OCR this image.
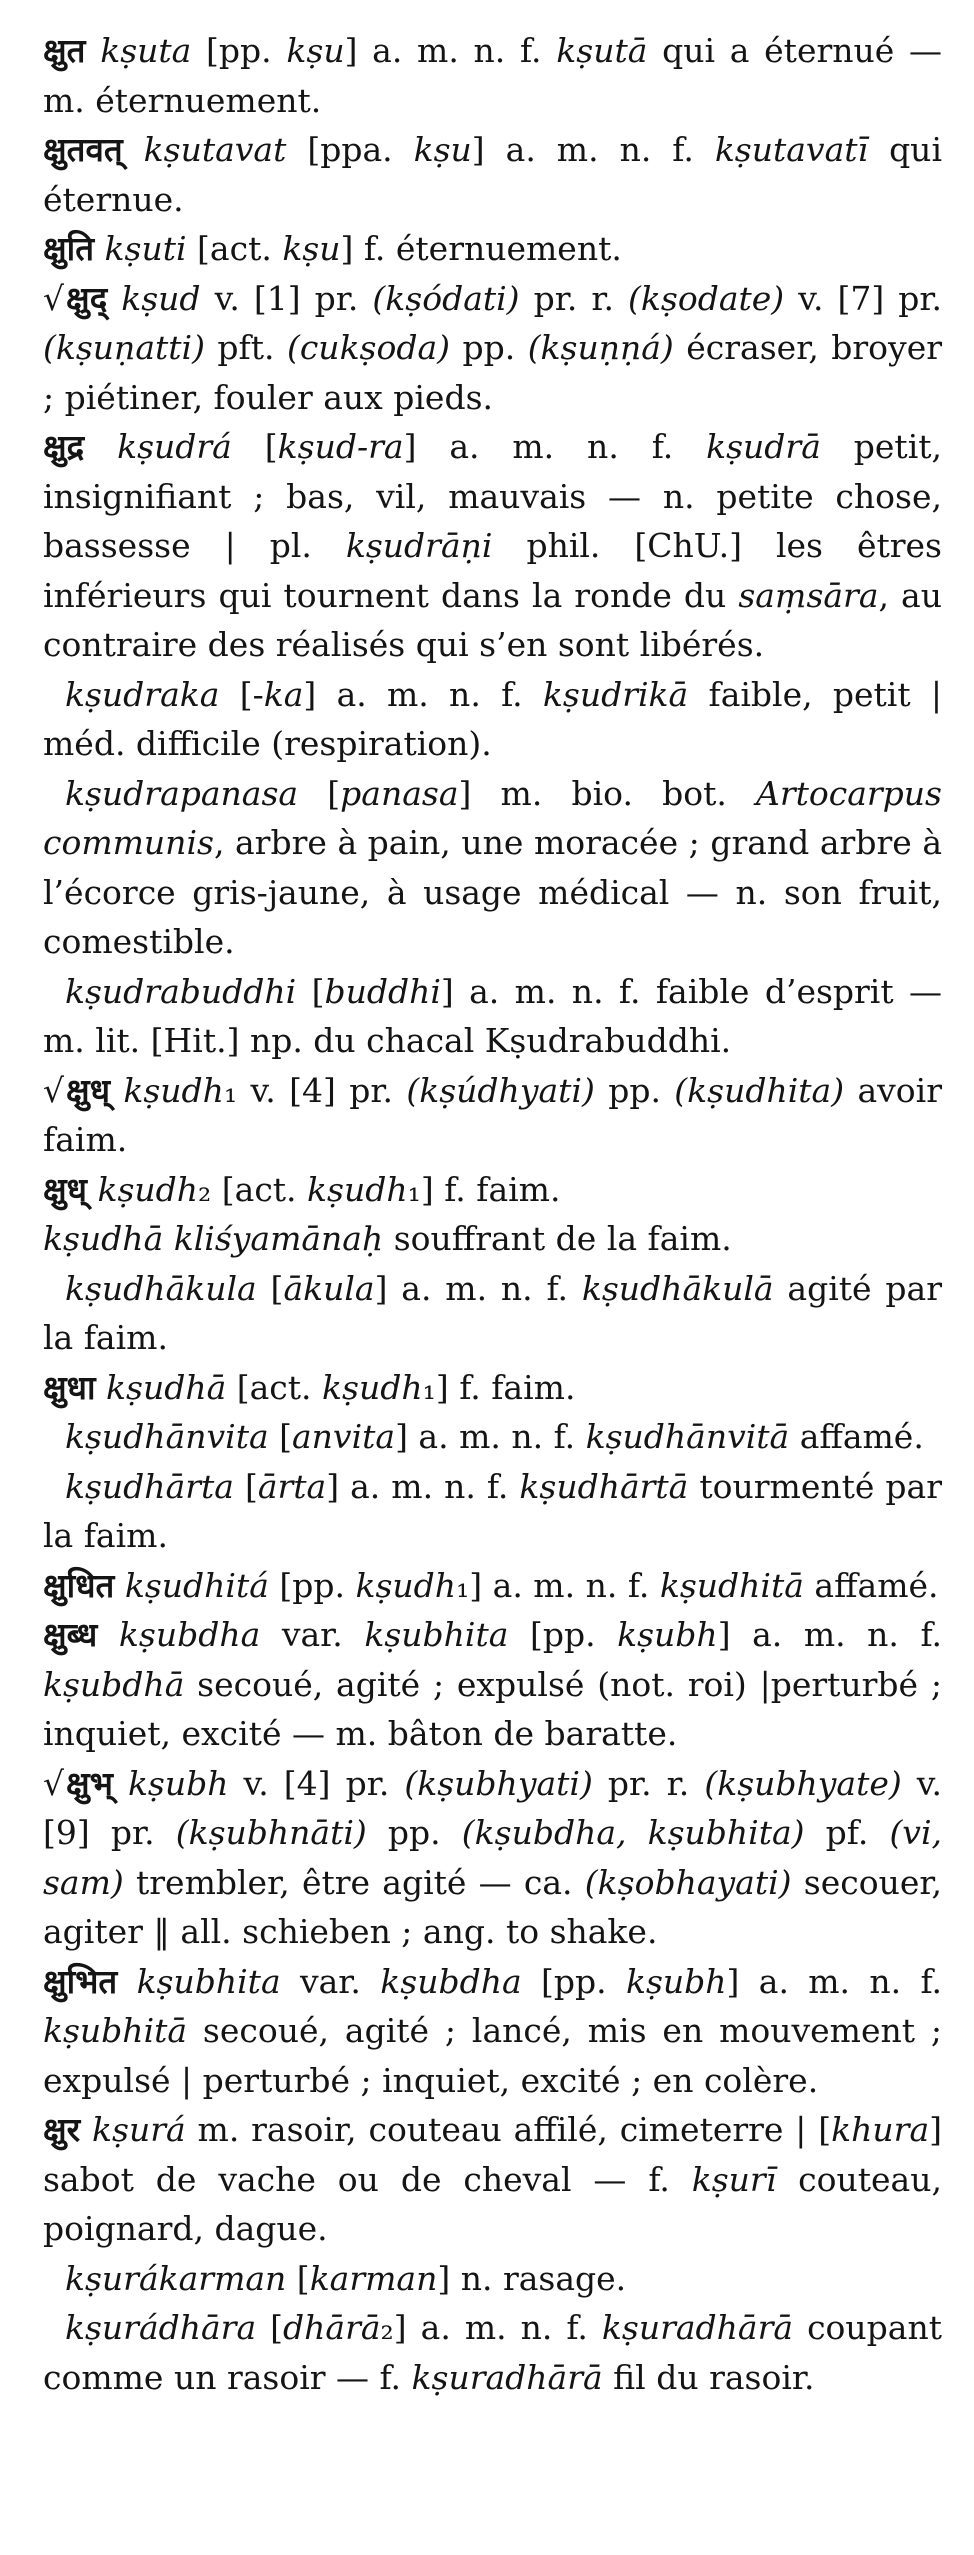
क्षुत kṣuta [pp. kṣu] a. m. n. f. kṣutā qui a éternué — m. éternuement.

क्षुतवत् kṣutavat [ppa. kṣu] a. m. n. f. kṣutavatī qui éternue.

क्षुति kṣuti [act. kṣu] f. éternuement.

√क्षुद् kṣud v. [1] pr. (kṣódati) pr. r. (kṣodate) v. [7] pr. (kṣuṇatti) pft. (cukṣoda) pp. (kṣuṇṇá) écraser, broyer ; piétiner, fouler aux pieds.

क्षुद्र kṣudrá [kṣud-ra] a. m. n. f. kṣudrā petit, insignifiant ; bas, vil, mauvais — n. petite chose, bassesse | pl. kṣudrāṇi phil. [ChU.] les êtres inférieurs qui tournent dans la ronde du saṃsāra, au contraire des réalisés qui s’en sont libérés.

kṣudraka [-ka] a. m. n. f. kṣudrikā faible, petit | méd. difficile (respiration).

kṣudrapanasa [panasa] m. bio. bot. Artocarpus communis, arbre à pain, une moracée ; grand arbre à l’écorce gris-jaune, à usage médical — n. son fruit, comestible.

kṣudrabuddhi [buddhi] a. m. n. f. faible d’esprit — m. lit. [Hit.] np. du chacal Kṣudrabuddhi.

√क्षुध् kṣudh₁ v. [4] pr. (kṣúdhyati) pp. (kṣudhita) avoir faim.

क्षुध् kṣudh₂ [act. kṣudh₁] f. faim.

kṣudhā kliśyamānaḥ souffrant de la faim.

kṣudhākula [ākula] a. m. n. f. kṣudhākulā agité par la faim.

क्षुधा kṣudhā [act. kṣudh₁] f. faim.

kṣudhānvita [anvita] a. m. n. f. kṣudhānvitā affamé.

kṣudhārta [ārta] a. m. n. f. kṣudhārtā tourmenté par la faim.

क्षुधित kṣudhitá [pp. kṣudh₁] a. m. n. f. kṣudhitā affamé.

क्षुब्ध kṣubdha var. kṣubhita [pp. kṣubh] a. m. n. f. kṣubdhā secoué, agité ; expulsé (not. roi) |perturbé ; inquiet, excité — m. bâton de baratte.

√क्षुभ् kṣubh v. [4] pr. (kṣubhyati) pr. r. (kṣubhyate) v. [9] pr. (kṣubhnāti) pp. (kṣubdha, kṣubhita) pf. (vi, sam) trembler, être agité — ca. (kṣobhayati) secouer, agiter ‖ all. schieben ; ang. to shake.

क्षुभित kṣubhita var. kṣubdha [pp. kṣubh] a. m. n. f. kṣubhitā secoué, agité ; lancé, mis en mouvement ; expulsé | perturbé ; inquiet, excité ; en colère.

क्षुर kṣurá m. rasoir, couteau affilé, cimeterre | [khura] sabot de vache ou de cheval — f. kṣurī couteau, poignard, dague.

kṣurákarman [karman] n. rasage.

kṣurádhāra [dhārā₂] a. m. n. f. kṣuradhārā coupant comme un rasoir — f. kṣuradhārā fil du rasoir.
